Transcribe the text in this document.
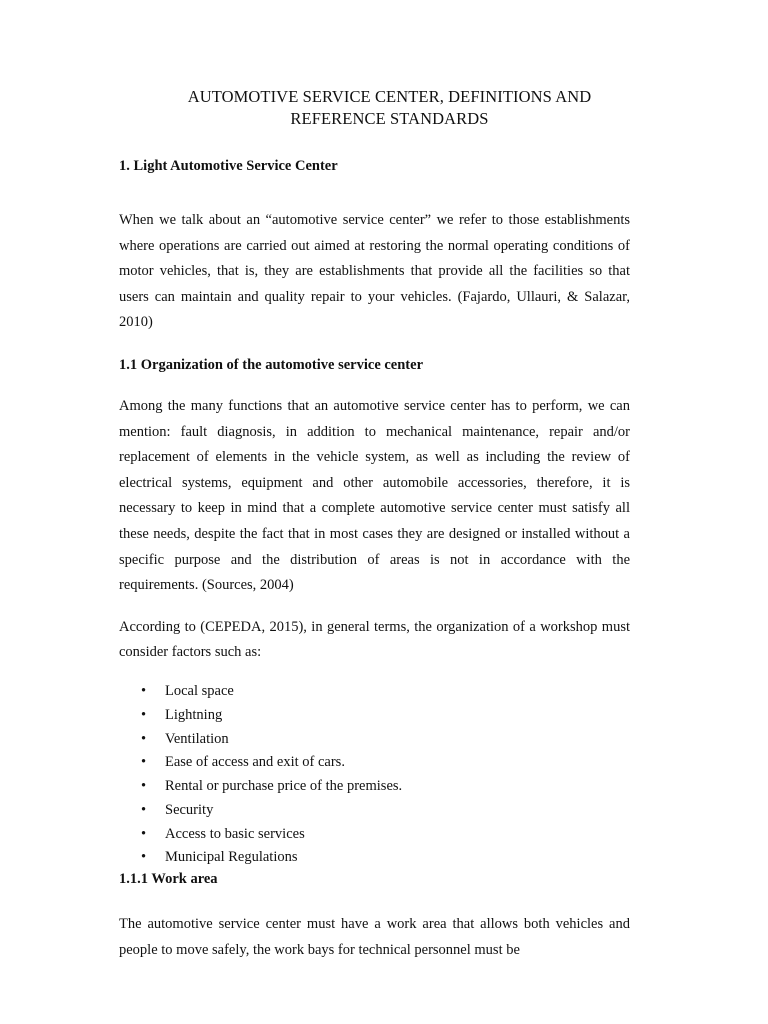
AUTOMOTIVE SERVICE CENTER, DEFINITIONS AND
REFERENCE STANDARDS
1. Light Automotive Service Center

When we talk about an “automotive service center” we refer to those establishments where operations are carried out aimed at restoring the normal operating conditions of motor vehicles, that is, they are establishments that provide all the facilities so that users can maintain and quality repair to your vehicles. (Fajardo, Ullauri, & Salazar, 2010)

1.1 Organization of the automotive service center

Among the many functions that an automotive service center has to perform, we can mention: fault diagnosis, in addition to mechanical maintenance, repair and/or replacement of elements in the vehicle system, as well as including the review of electrical systems, equipment and other automobile accessories, therefore, it is necessary to keep in mind that a complete automotive service center must satisfy all these needs, despite the fact that in most cases they are designed or installed without a specific purpose and the distribution of areas is not in accordance with the requirements. (Sources, 2004)

According to (CEPEDA, 2015), in general terms, the organization of a workshop must consider factors such as:

• Local space
• Lightning
• Ventilation
• Ease of access and exit of cars.
• Rental or purchase price of the premises.
• Security
• Access to basic services
• Municipal Regulations
1.1.1 Work area

The automotive service center must have a work area that allows both vehicles and people to move safely, the work bays for technical personnel must be
